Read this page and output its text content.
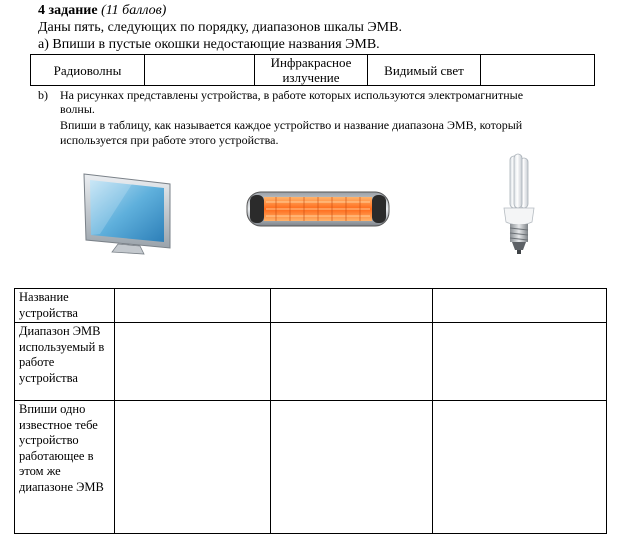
4 задание (11 баллов)
Даны пять, следующих по порядку, диапазонов шкалы ЭМВ.
a) Впиши в пустые окошки недостающие названия ЭМВ.
Радиоволны		Инфракрасное излучение	Видимый свет	
b) На рисунках представлены устройства, в работе которых используются электромагнитные
волны.
Впиши в таблицу, как называется каждое устройство и название диапазона ЭМВ, который
используется при работе этого устройства.
Название устройства			
Диапазон ЭМВ используемый в работе устройства			
Впиши одно известное тебе устройство работающее в этом же диапазоне ЭМВ			
